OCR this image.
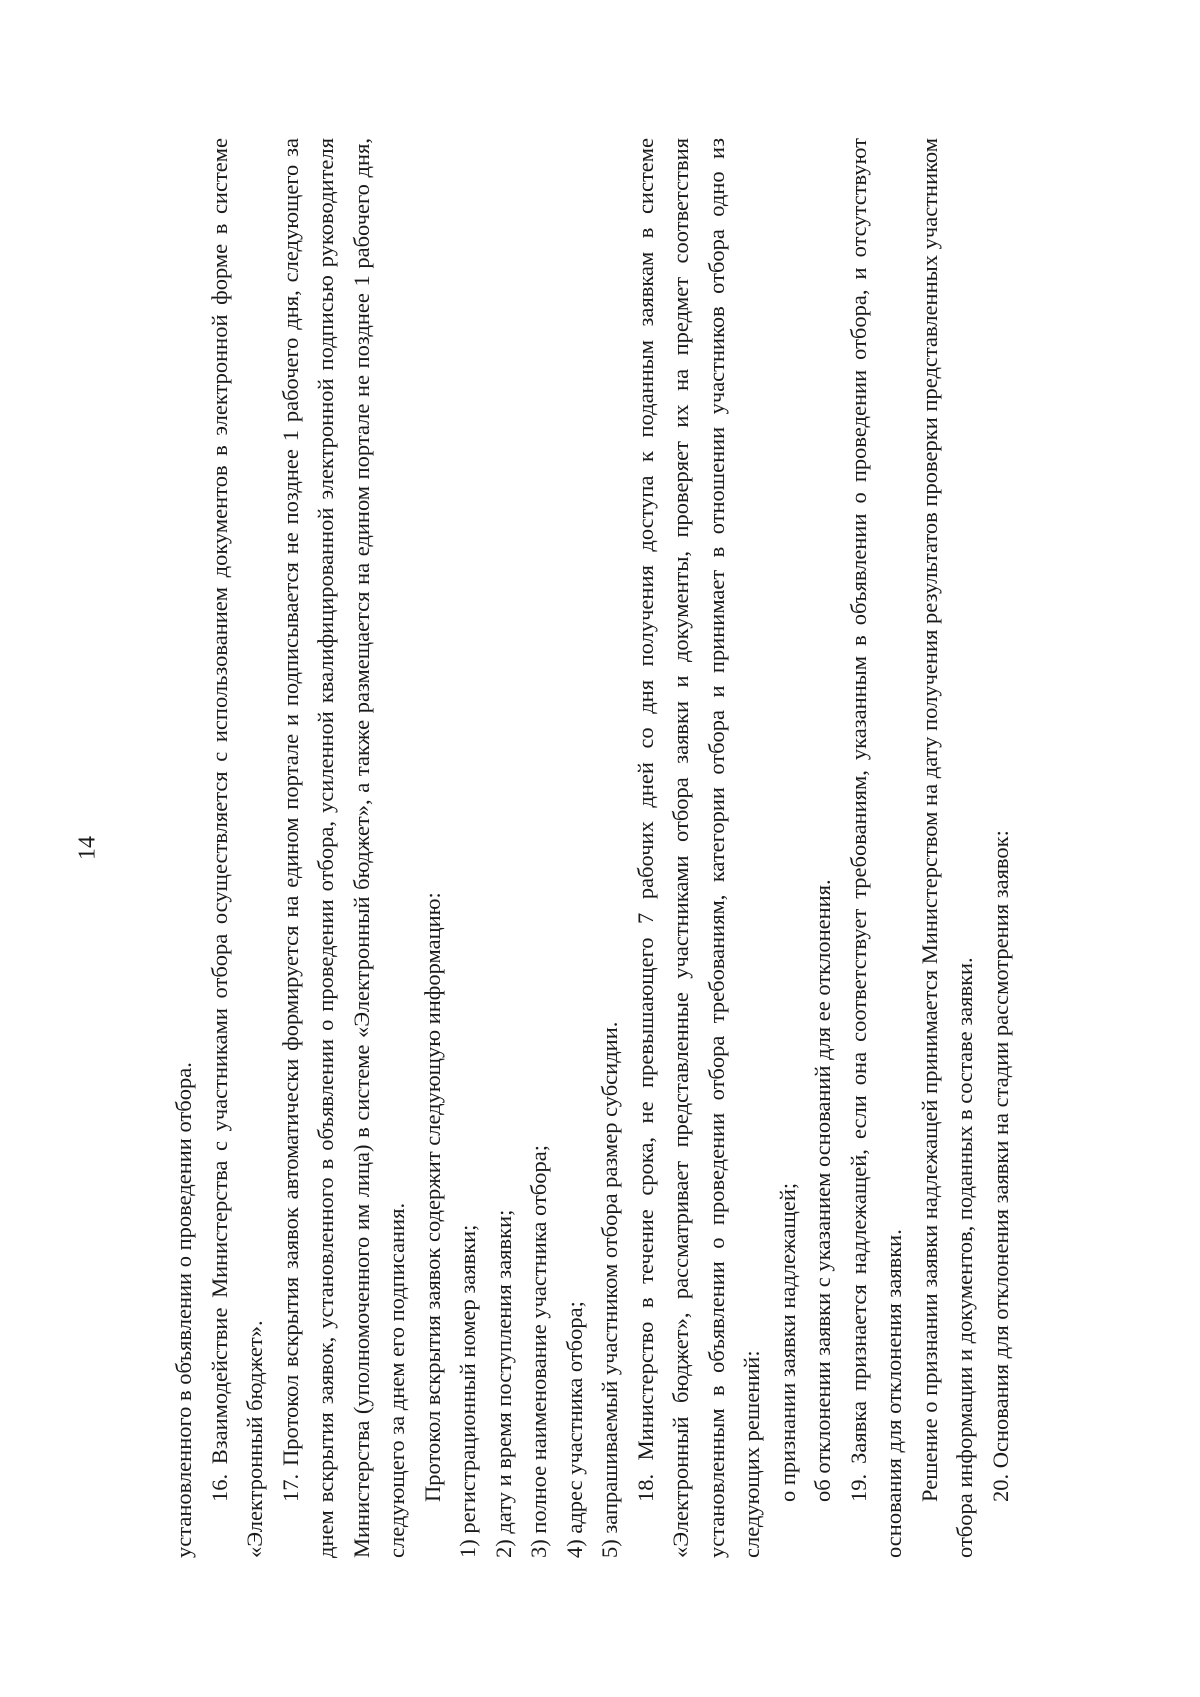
14

установленного в объявлении о проведении отбора. 16. Взаимодействие Министерства с участниками отбора осуществляется с использованием документов в электронной форме в системе «Электронный бюджет». 17. Протокол вскрытия заявок автоматически формируется на едином портале и подписывается не позднее 1 рабочего дня, следующего за днем вскрытия заявок, установленного в объявлении о проведении отбора, усиленной квалифицированной электронной подписью руководителя Министерства (уполномоченного им лица) в системе «Электронный бюджет», а также размещается на едином портале не позднее 1 рабочего дня, следующего за днем его подписания. Протокол вскрытия заявок содержит следующую информацию: 1) регистрационный номер заявки; 2) дату и время поступления заявки; 3) полное наименование участника отбора; 4) адрес участника отбора; 5) запрашиваемый участником отбора размер субсидии. 18. Министерство в течение срока, не превышающего 7 рабочих дней со дня получения доступа к поданным заявкам в системе «Электронный бюджет», рассматривает представленные участниками отбора заявки и документы, проверяет их на предмет соответствия установленным в объявлении о проведении отбора требованиям, категории отбора и принимает в отношении участников отбора одно из следующих решений: о признании заявки надлежащей; об отклонении заявки с указанием оснований для ее отклонения. 19. Заявка признается надлежащей, если она соответствует требованиям, указанным в объявлении о проведении отбора, и отсутствуют основания для отклонения заявки. Решение о признании заявки надлежащей принимается Министерством на дату получения результатов проверки представленных участником отбора информации и документов, поданных в составе заявки. 20. Основания для отклонения заявки на стадии рассмотрения заявок:
